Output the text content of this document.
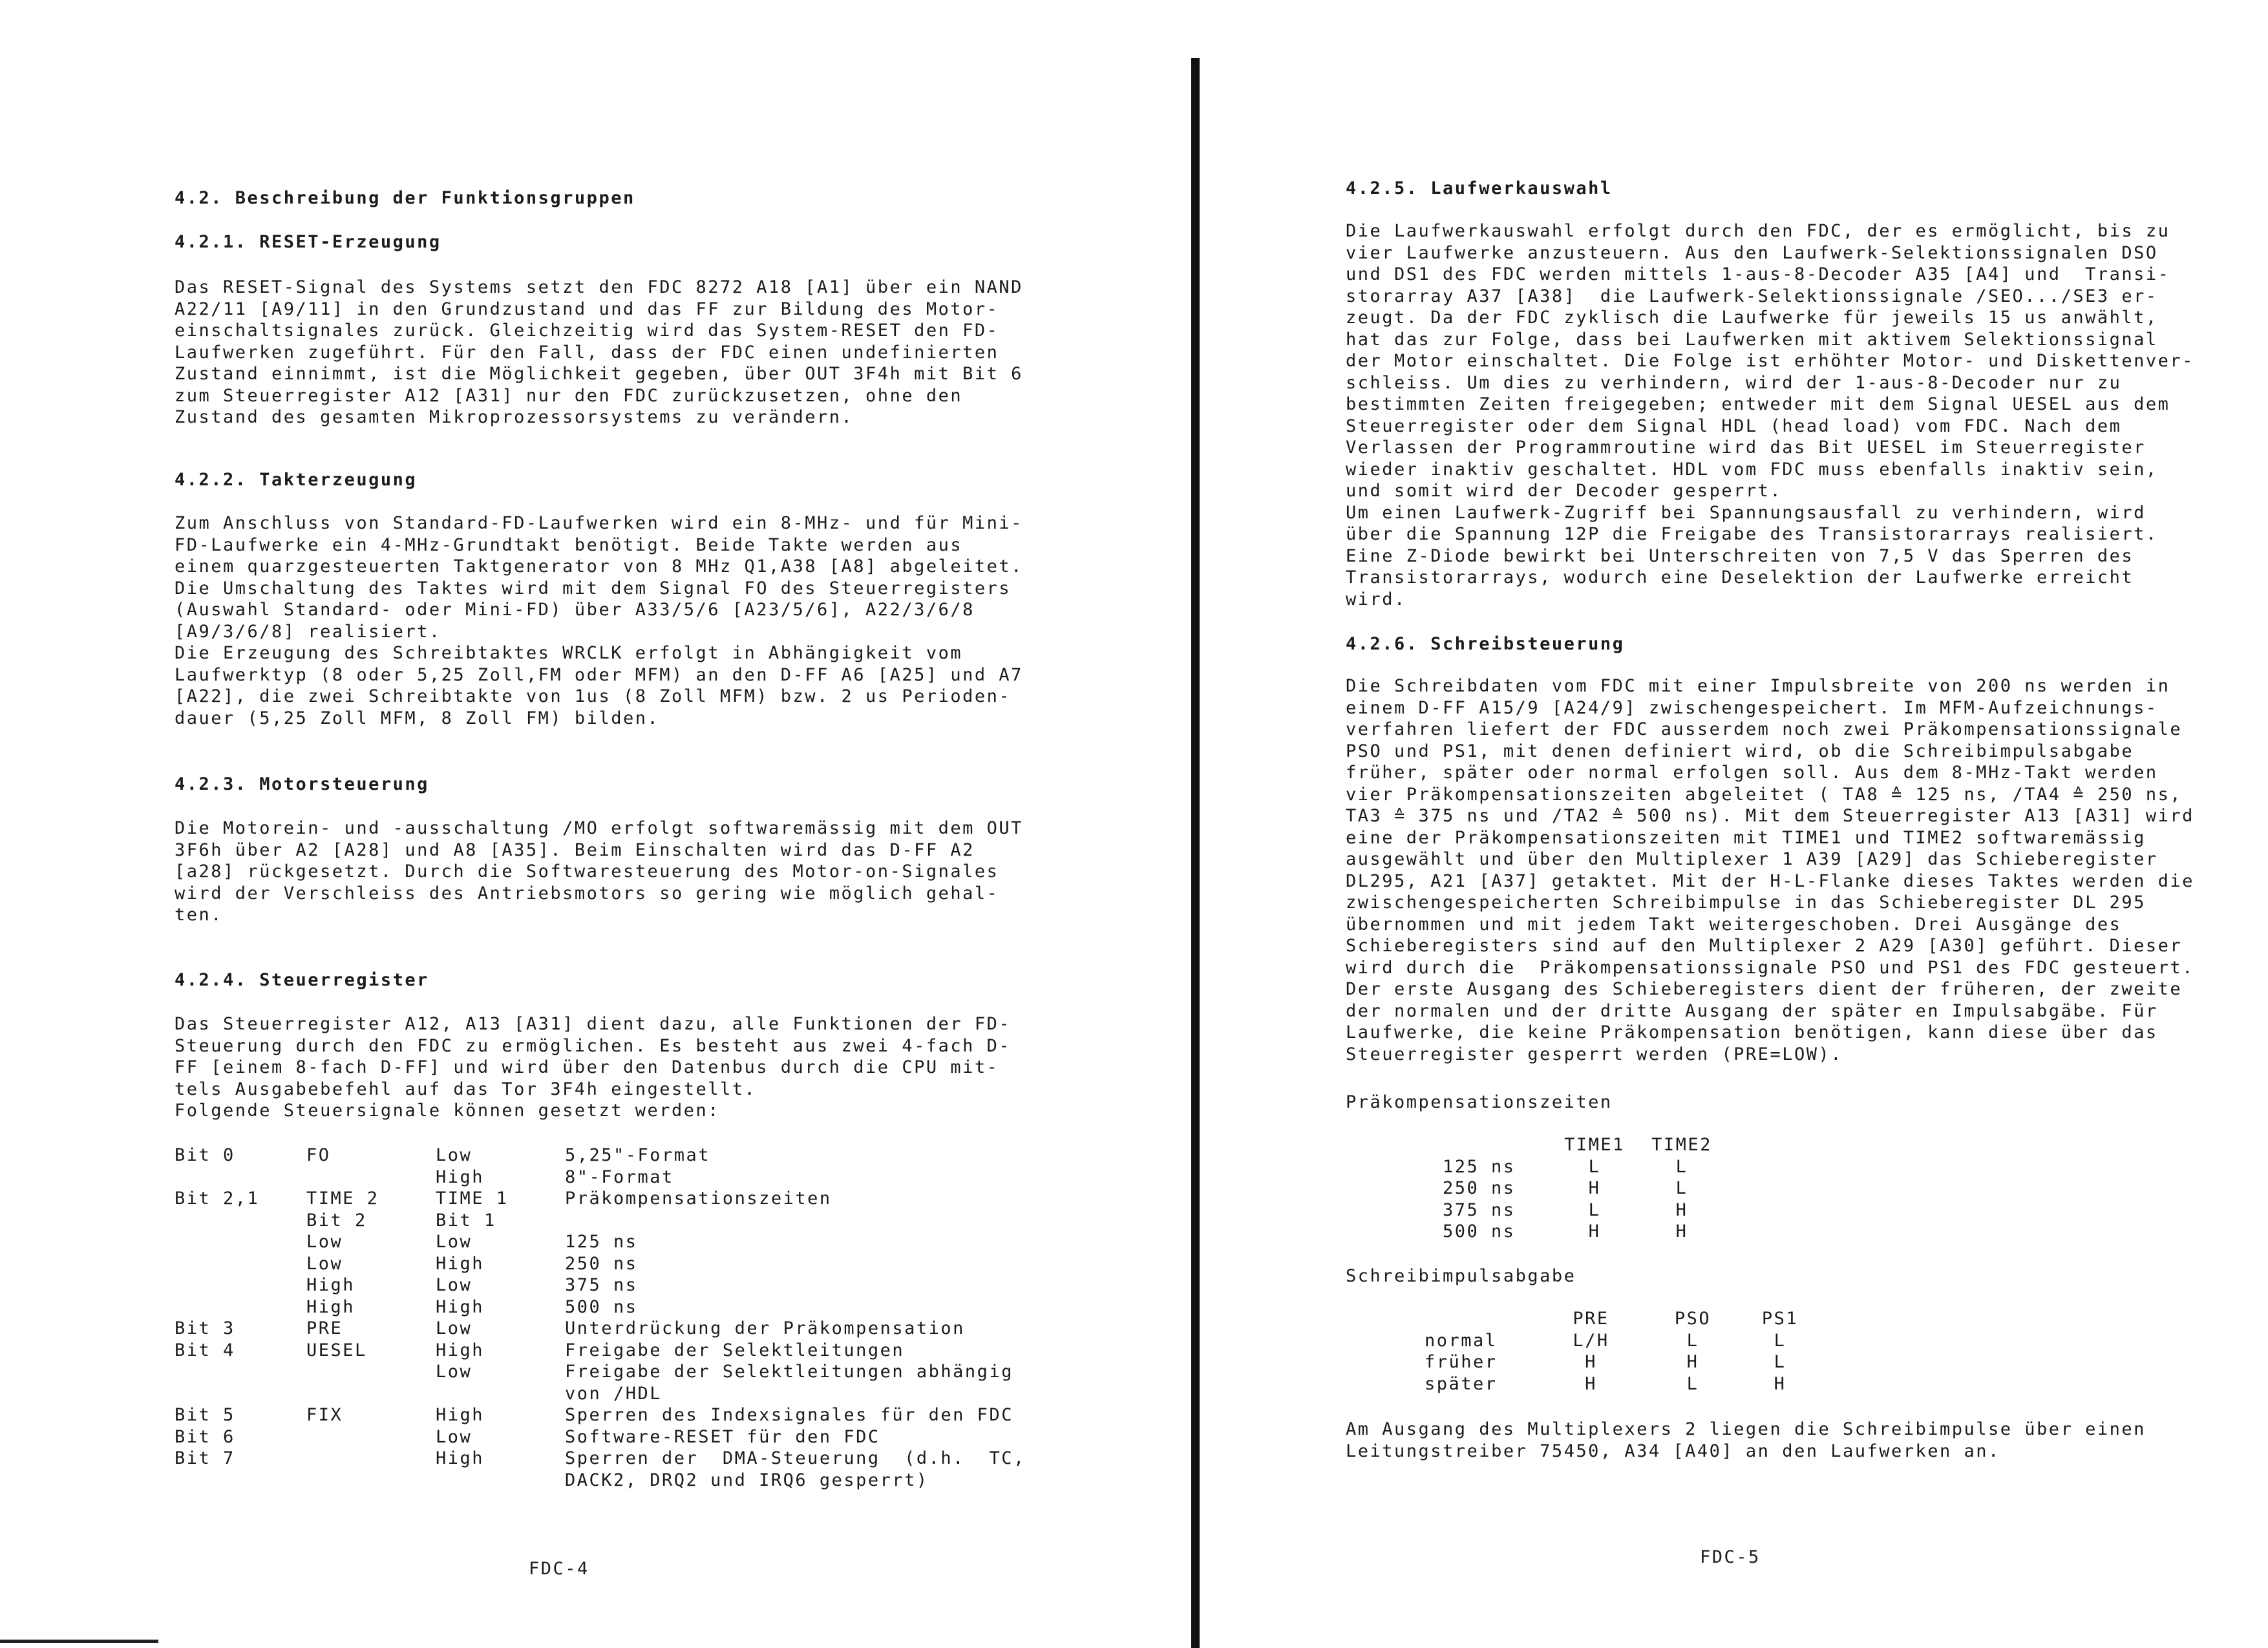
4.2. Beschreibung der Funktionsgruppen
4.2.1. RESET-Erzeugung
Das RESET-Signal des Systems setzt den FDC 8272 A18 [A1] über ein NAND
A22/11 [A9/11] in den Grundzustand und das FF zur Bildung des Motor-
einschaltsignales zurück. Gleichzeitig wird das System-RESET den FD-
Laufwerken zugeführt. Für den Fall, dass der FDC einen undefinierten
Zustand einnimmt, ist die Möglichkeit gegeben, über OUT 3F4h mit Bit 6
zum Steuerregister A12 [A31] nur den FDC zurückzusetzen, ohne den
Zustand des gesamten Mikroprozessorsystems zu verändern.
4.2.2. Takterzeugung
Zum Anschluss von Standard-FD-Laufwerken wird ein 8-MHz- und für Mini-
FD-Laufwerke ein 4-MHz-Grundtakt benötigt. Beide Takte werden aus
einem quarzgesteuerten Taktgenerator von 8 MHz Q1,A38 [A8] abgeleitet.
Die Umschaltung des Taktes wird mit dem Signal FO des Steuerregisters
(Auswahl Standard- oder Mini-FD) über A33/5/6 [A23/5/6], A22/3/6/8
[A9/3/6/8] realisiert.
Die Erzeugung des Schreibtaktes WRCLK erfolgt in Abhängigkeit vom
Laufwerktyp (8 oder 5,25 Zoll,FM oder MFM) an den D-FF A6 [A25] und A7
[A22], die zwei Schreibtakte von 1us (8 Zoll MFM) bzw. 2 us Perioden-
dauer (5,25 Zoll MFM, 8 Zoll FM) bilden.
4.2.3. Motorsteuerung
Die Motorein- und -ausschaltung /MO erfolgt softwaremässig mit dem OUT
3F6h über A2 [A28] und A8 [A35]. Beim Einschalten wird das D-FF A2
[a28] rückgesetzt. Durch die Softwaresteuerung des Motor-on-Signales
wird der Verschleiss des Antriebsmotors so gering wie möglich gehal-
ten.
4.2.4. Steuerregister
Das Steuerregister A12, A13 [A31] dient dazu, alle Funktionen der FD-
Steuerung durch den FDC zu ermöglichen. Es besteht aus zwei 4-fach D-
FF [einem 8-fach D-FF] und wird über den Datenbus durch die CPU mit-
tels Ausgabebefehl auf das Tor 3F4h eingestellt.
Folgende Steuersignale können gesetzt werden:
Bit 0	FO	Low	5,25"-Format
		High	8"-Format
Bit 2,1	TIME 2	TIME 1	Präkompensationszeiten
	Bit 2	Bit 1	
	Low	Low	125 ns
	Low	High	250 ns
	High	Low	375 ns
	High	High	500 ns
Bit 3	PRE	Low	Unterdrückung der Präkompensation
Bit 4	UESEL	High	Freigabe der Selektleitungen
		Low	Freigabe der Selektleitungen abhängig
			von /HDL
Bit 5	FIX	High	Sperren des Indexsignales für den FDC
Bit 6		Low	Software-RESET für den FDC
Bit 7		High	Sperren der  DMA-Steuerung  (d.h.  TC,
			DACK2, DRQ2 und IRQ6 gesperrt)
FDC-4
4.2.5. Laufwerkauswahl
Die Laufwerkauswahl erfolgt durch den FDC, der es ermöglicht, bis zu
vier Laufwerke anzusteuern. Aus den Laufwerk-Selektionssignalen DSO
und DS1 des FDC werden mittels 1-aus-8-Decoder A35 [A4] und  Transi-
storarray A37 [A38]  die Laufwerk-Selektionssignale /SEO.../SE3 er-
zeugt. Da der FDC zyklisch die Laufwerke für jeweils 15 us anwählt,
hat das zur Folge, dass bei Laufwerken mit aktivem Selektionssignal
der Motor einschaltet. Die Folge ist erhöhter Motor- und Diskettenver-
schleiss. Um dies zu verhindern, wird der 1-aus-8-Decoder nur zu
bestimmten Zeiten freigegeben; entweder mit dem Signal UESEL aus dem
Steuerregister oder dem Signal HDL (head load) vom FDC. Nach dem
Verlassen der Programmroutine wird das Bit UESEL im Steuerregister
wieder inaktiv geschaltet. HDL vom FDC muss ebenfalls inaktiv sein,
und somit wird der Decoder gesperrt.
Um einen Laufwerk-Zugriff bei Spannungsausfall zu verhindern, wird
über die Spannung 12P die Freigabe des Transistorarrays realisiert.
Eine Z-Diode bewirkt bei Unterschreiten von 7,5 V das Sperren des
Transistorarrays, wodurch eine Deselektion der Laufwerke erreicht
wird.
4.2.6. Schreibsteuerung
Die Schreibdaten vom FDC mit einer Impulsbreite von 200 ns werden in
einem D-FF A15/9 [A24/9] zwischengespeichert. Im MFM-Aufzeichnungs-
verfahren liefert der FDC ausserdem noch zwei Präkompensationssignale
PSO und PS1, mit denen definiert wird, ob die Schreibimpulsabgabe
früher, später oder normal erfolgen soll. Aus dem 8-MHz-Takt werden
vier Präkompensationszeiten abgeleitet ( TA8 ≙ 125 ns, /TA4 ≙ 250 ns,
TA3 ≙ 375 ns und /TA2 ≙ 500 ns). Mit dem Steuerregister A13 [A31] wird
eine der Präkompensationszeiten mit TIME1 und TIME2 softwaremässig
ausgewählt und über den Multiplexer 1 A39 [A29] das Schieberegister
DL295, A21 [A37] getaktet. Mit der H-L-Flanke dieses Taktes werden die
zwischengespeicherten Schreibimpulse in das Schieberegister DL 295
übernommen und mit jedem Takt weitergeschoben. Drei Ausgänge des
Schieberegisters sind auf den Multiplexer 2 A29 [A30] geführt. Dieser
wird durch die  Präkompensationssignale PSO und PS1 des FDC gesteuert.
Der erste Ausgang des Schieberegisters dient der früheren, der zweite
der normalen und der dritte Ausgang der später en Impulsabgäbe. Für
Laufwerke, die keine Präkompensation benötigen, kann diese über das
Steuerregister gesperrt werden (PRE=LOW).
Präkompensationszeiten
	TIME1	TIME2
125 ns	L	L
250 ns	H	L
375 ns	L	H
500 ns	H	H
Schreibimpulsabgabe
	PRE	PSO	PS1
normal	L/H	L	L
früher	H	H	L
später	H	L	H
Am Ausgang des Multiplexers 2 liegen die Schreibimpulse über einen
Leitungstreiber 75450, A34 [A40] an den Laufwerken an.
FDC-5
